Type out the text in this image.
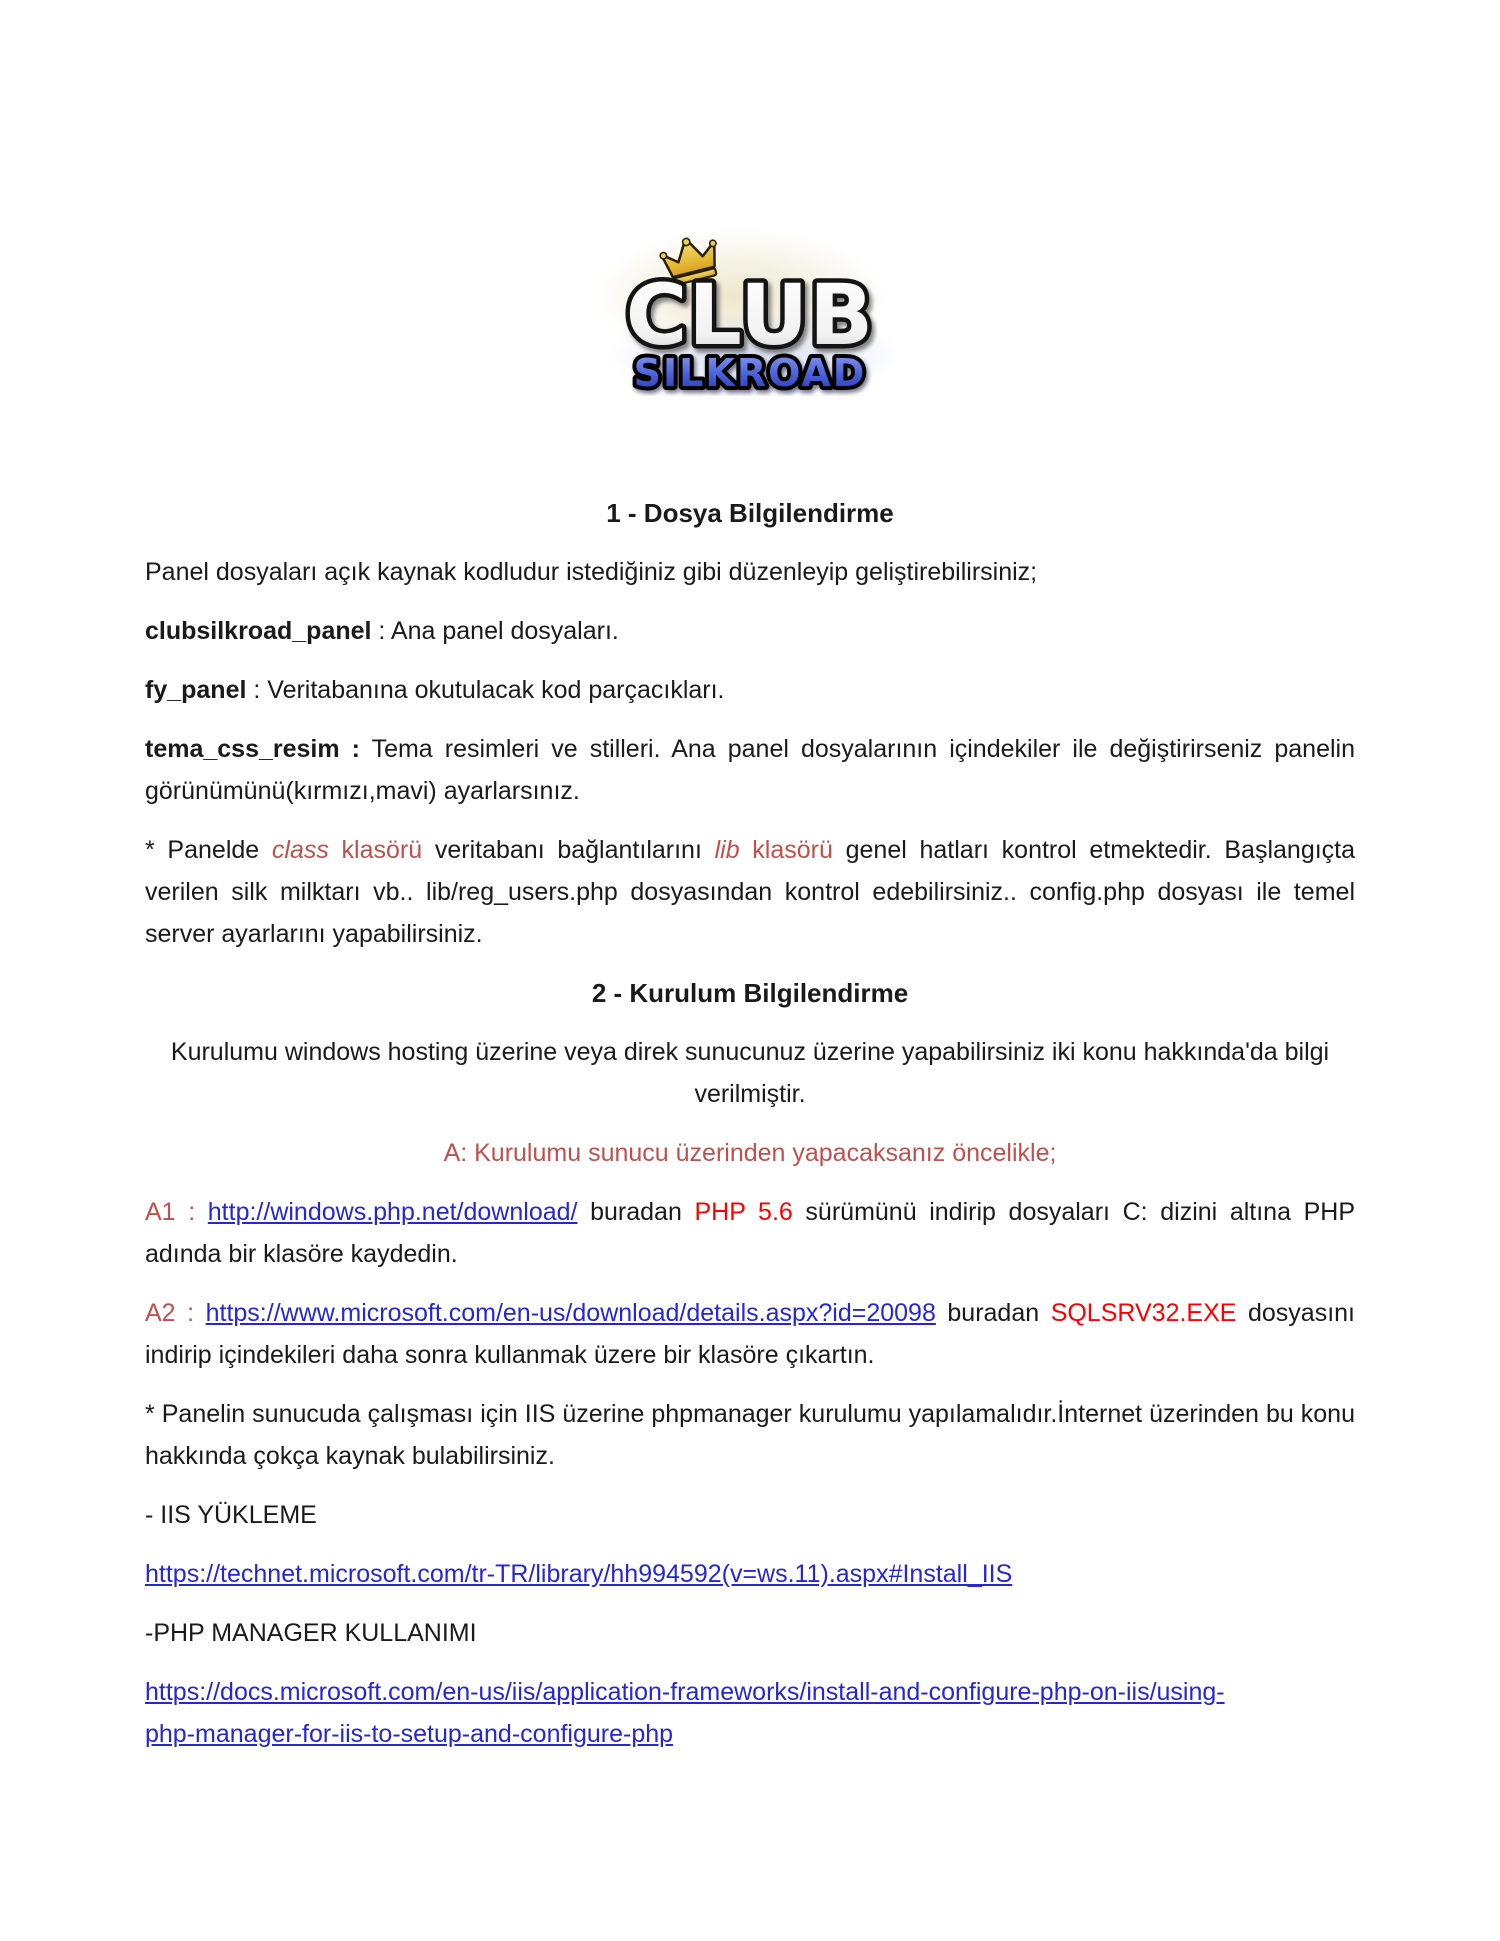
CLUB
SILKROAD

1 - Dosya Bilgilendirme

Panel dosyaları açık kaynak kodludur istediğiniz gibi düzenleyip geliştirebilirsiniz;

clubsilkroad_panel : Ana panel dosyaları.

fy_panel : Veritabanına okutulacak kod parçacıkları.

tema_css_resim : Tema resimleri ve stilleri. Ana panel dosyalarının içindekiler ile değiştirirseniz panelin görünümünü(kırmızı,mavi) ayarlarsınız.

* Panelde class klasörü veritabanı bağlantılarını lib klasörü genel hatları kontrol etmektedir. Başlangıçta verilen silk milktarı vb.. lib/reg_users.php dosyasından kontrol edebilirsiniz.. config.php dosyası ile temel server ayarlarını yapabilirsiniz.

2 - Kurulum Bilgilendirme

Kurulumu windows hosting üzerine veya direk sunucunuz üzerine yapabilirsiniz iki konu hakkında'da bilgi verilmiştir.

A: Kurulumu sunucu üzerinden yapacaksanız öncelikle;

A1 : http://windows.php.net/download/ buradan PHP 5.6 sürümünü indirip dosyaları C: dizini altına PHP adında bir klasöre kaydedin.

A2 : https://www.microsoft.com/en-us/download/details.aspx?id=20098 buradan SQLSRV32.EXE dosyasını indirip içindekileri daha sonra kullanmak üzere bir klasöre çıkartın.

* Panelin sunucuda çalışması için IIS üzerine phpmanager kurulumu yapılamalıdır.İnternet üzerinden bu konu hakkında çokça kaynak bulabilirsiniz.

- IIS YÜKLEME

https://technet.microsoft.com/tr-TR/library/hh994592(v=ws.11).aspx#Install_IIS

-PHP MANAGER KULLANIMI

https://docs.microsoft.com/en-us/iis/application-frameworks/install-and-configure-php-on-iis/using-
php-manager-for-iis-to-setup-and-configure-php
